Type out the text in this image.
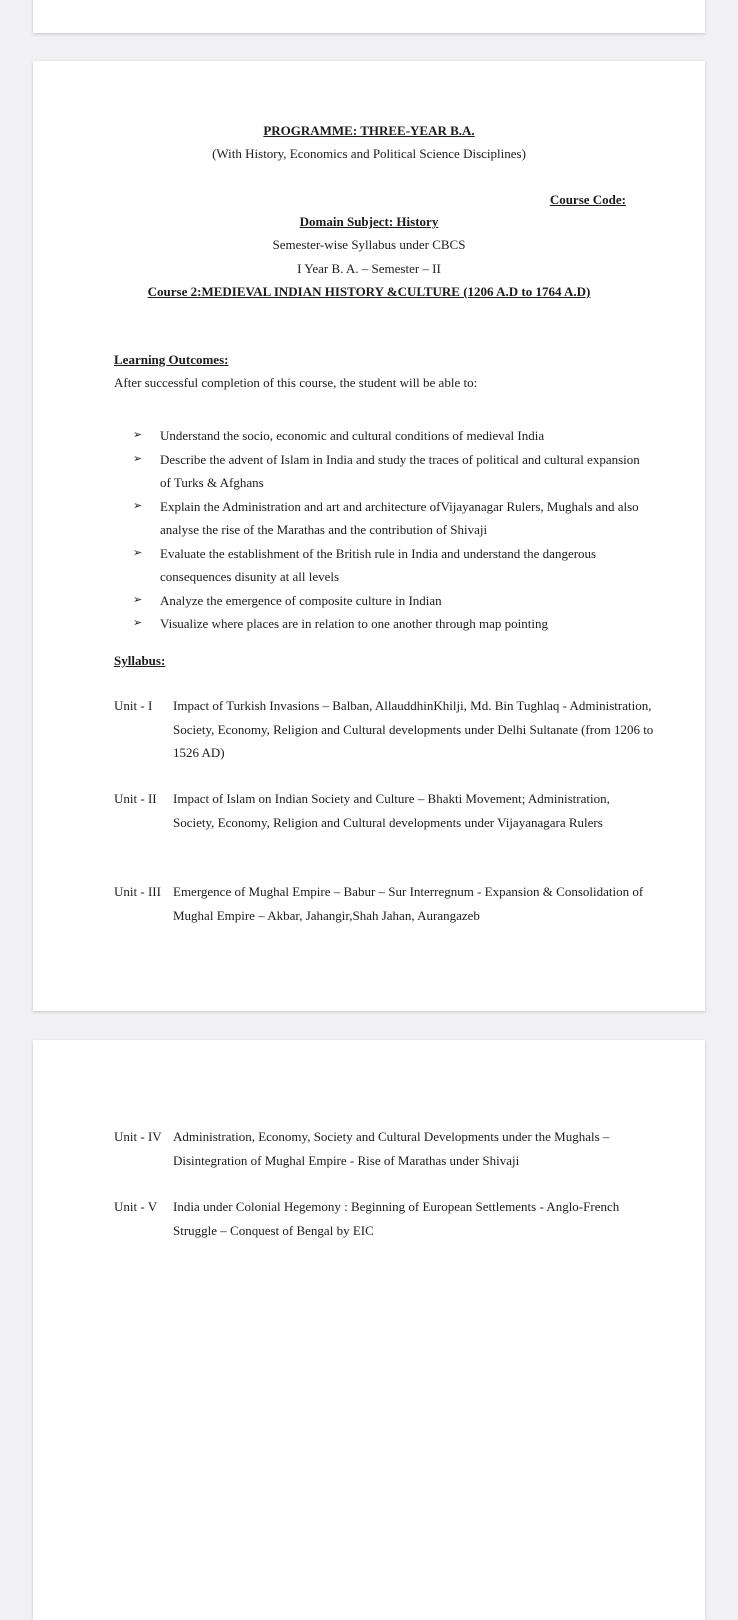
PROGRAMME: THREE-YEAR B.A.

(With History, Economics and Political Science Disciplines)

Course Code:

Domain Subject: History

Semester-wise Syllabus under CBCS

I Year B. A. – Semester – II

Course 2:MEDIEVAL INDIAN HISTORY &CULTURE (1206 A.D to 1764 A.D)

Learning Outcomes:

After successful completion of this course, the student will be able to:

➢ Understand the socio, economic and cultural conditions of medieval India
➢ Describe the advent of Islam in India and study the traces of political and cultural expansion of Turks & Afghans
➢ Explain the Administration and art and architecture ofVijayanagar Rulers, Mughals and also analyse the rise of the Marathas and the contribution of Shivaji
➢ Evaluate the establishment of the British rule in India and understand the dangerous consequences disunity at all levels
➢ Analyze the emergence of composite culture in Indian
➢ Visualize where places are in relation to one another through map pointing

Syllabus:

Unit - I	Impact of Turkish Invasions – Balban, AllauddhinKhilji, Md. Bin Tughlaq - Administration, Society, Economy, Religion and Cultural developments under Delhi Sultanate (from 1206 to 1526 AD)
Unit - II	Impact of Islam on Indian Society and Culture – Bhakti Movement; Administration, Society, Economy, Religion and Cultural developments under Vijayanagara Rulers
Unit - III Emergence of Mughal Empire – Babur – Sur Interregnum - Expansion & Consolidation of Mughal Empire – Akbar, Jahangir,Shah Jahan, Aurangazeb
Unit - IV Administration, Economy, Society and Cultural Developments under the Mughals – Disintegration of Mughal Empire - Rise of Marathas under Shivaji
Unit - V	India under Colonial Hegemony : Beginning of European Settlements - Anglo-French Struggle – Conquest of Bengal by EIC
